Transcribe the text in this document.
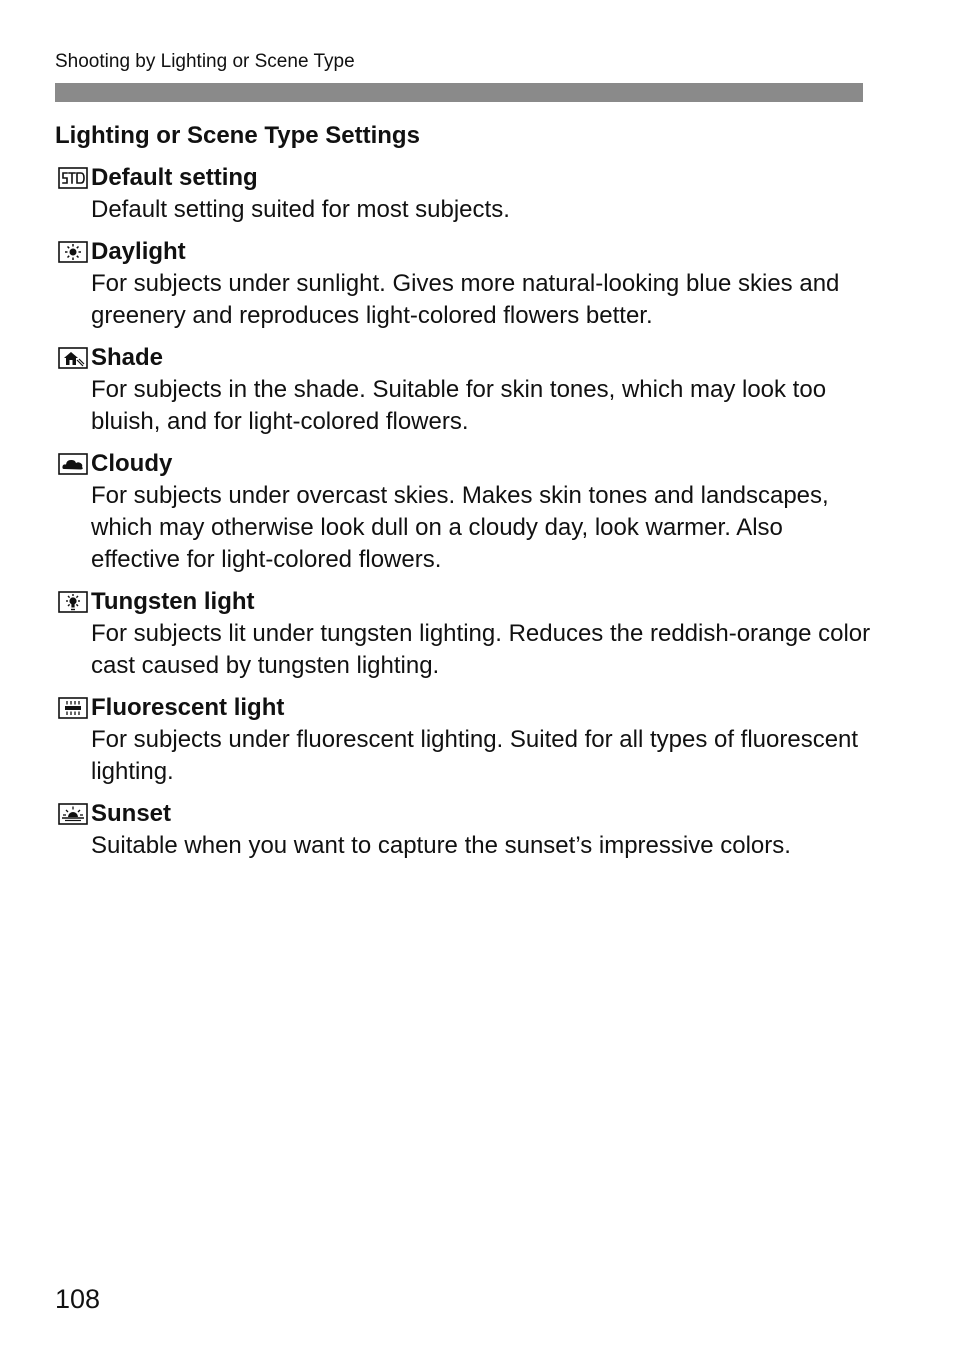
Shooting by Lighting or Scene Type
Lighting or Scene Type Settings
Default setting

Default setting suited for most subjects.

Daylight

For subjects under sunlight. Gives more natural-looking blue skies and greenery and reproduces light-colored flowers better.

Shade

For subjects in the shade. Suitable for skin tones, which may look too bluish, and for light-colored flowers.

Cloudy

For subjects under overcast skies. Makes skin tones and landscapes, which may otherwise look dull on a cloudy day, look warmer. Also effective for light-colored flowers.

Tungsten light

For subjects lit under tungsten lighting. Reduces the reddish-orange color cast caused by tungsten lighting.

Fluorescent light

For subjects under fluorescent lighting. Suited for all types of fluorescent lighting.

Sunset

Suitable when you want to capture the sunset’s impressive colors.

108
